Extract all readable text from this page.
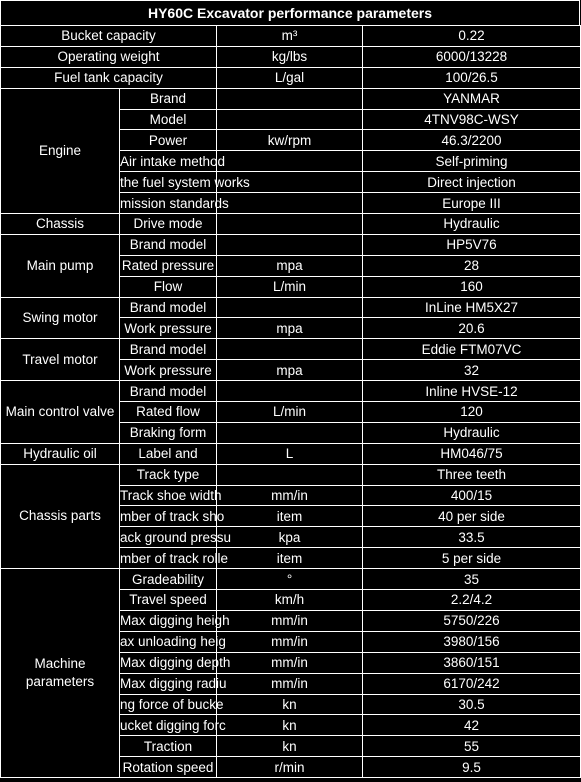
HY60C Excavator performance parameters
Bucket capacity		m³	0.22
Operating weight		kg/lbs	6000/13228
Fuel tank capacity		L/gal	100/26.5
Engine	Brand		YANMAR
	Model		4TNV98C-WSY
	Power	kw/rpm	46.3/2200
	Air intake method		Self-priming
	the fuel system works		Direct injection
	mission standards		Europe III
Chassis	Drive mode		Hydraulic
Main pump	Brand model		HP5V76
	Rated pressure	mpa	28
	Flow	L/min	160
Swing motor	Brand model		InLine HM5X27
	Work pressure	mpa	20.6
Travel motor	Brand model		Eddie FTM07VC
	Work pressure	mpa	32
Main control valve	Brand model		Inline HVSE-12
	Rated flow	L/min	120
	Braking form		Hydraulic
Hydraulic oil	Label and	L	HM046/75
Chassis parts	Track type		Three teeth
	Track shoe width	mm/in	400/15
	mber of track sho	item	40 per side
	ack ground pressu	kpa	33.5
	mber of track rolle	item	5 per side
Machine parameters	Gradeability	°	35
	Travel speed	km/h	2.2/4.2
	Max digging heigh	mm/in	5750/226
	ax unloading heig	mm/in	3980/156
	Max digging depth	mm/in	3860/151
	Max digging radiu	mm/in	6170/242
	ng force of bucke	kn	30.5
	ucket digging forc	kn	42
	Traction	kn	55
	Rotation speed	r/min	9.5
